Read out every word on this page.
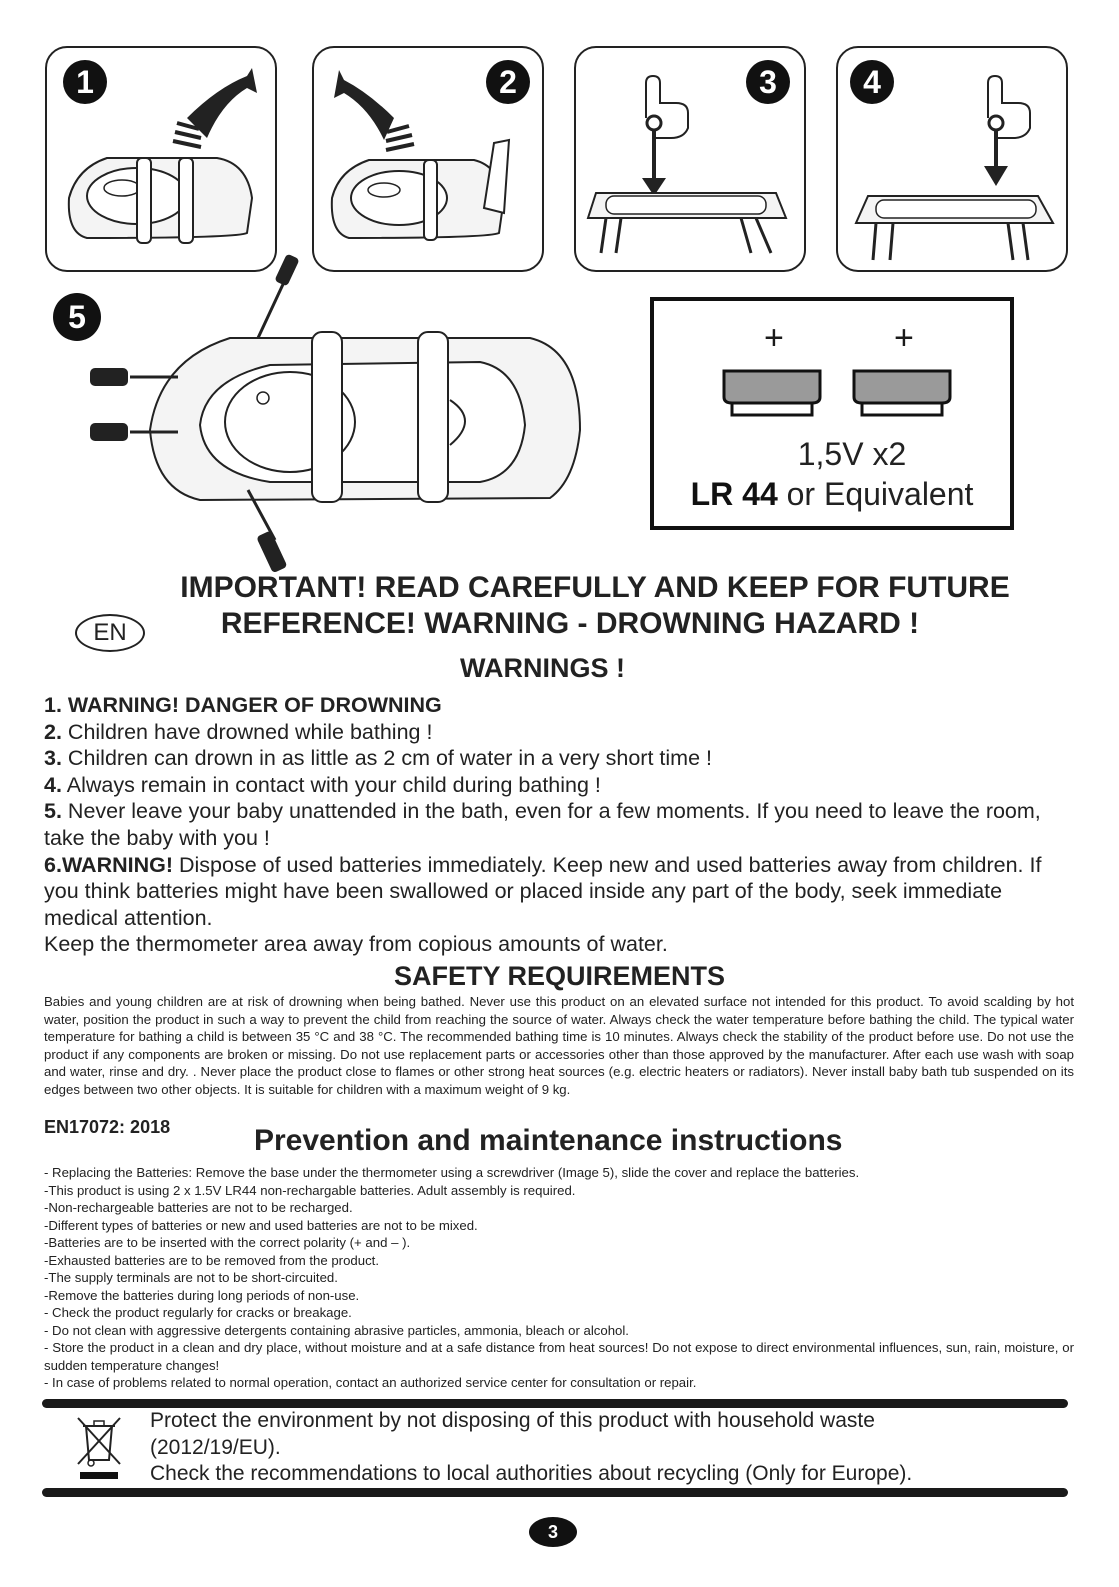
1	2	3	4
5
+	+
1,5V x2
LR 44 or Equivalent
IMPORTANT! READ CAREFULLY AND KEEP FOR FUTURE
REFERENCE! WARNING - DROWNING HAZARD !
EN
WARNINGS !

1. WARNING! DANGER OF DROWNING

2. Children have drowned while bathing !

3. Children can drown in as little as 2 cm of water in a very short time !

4. Always remain in contact with your child during bathing !

5. Never leave your baby unattended in the bath, even for a few moments. If you need to leave the room, take the baby with you !

6.WARNING! Dispose of used batteries immediately. Keep new and used batteries away from children. If you think batteries might have been swallowed or placed inside any part of the body, seek immediate medical attention.

Keep the thermometer area away from copious amounts of water.

SAFETY REQUIREMENTS
Babies and young children are at risk of drowning when being bathed. Never use this product on an elevated surface not intended for this product. To avoid scalding by hot water, position the product in such a way to prevent the child from reaching the source of water. Always check the water temperature before bathing the child. The typical water temperature for bathing a child is between 35 °C and 38 °C. The recommended bathing time is 10 minutes. Always check the stability of the product before use. Do not use the product if any components are broken or missing. Do not use replacement parts or accessories other than those approved by the manufacturer. After each use wash with soap and water, rinse and dry. . Never place the product close to flames or other strong heat sources (e.g. electric heaters or radiators). Never install baby bath tub suspended on its edges between two other objects. It is suitable for children with a maximum weight of 9 kg.
EN17072: 2018	Prevention and maintenance instructions

- Replacing the Batteries: Remove the base under the thermometer using a screwdriver (Image 5), slide the cover and replace the batteries.

-This product is using 2 x 1.5V LR44 non-rechargable batteries. Adult assembly is required.

-Non-rechargeable batteries are not to be recharged.

-Different types of batteries or new and used batteries are not to be mixed.

-Batteries are to be inserted with the correct polarity (+ and – ).

-Exhausted batteries are to be removed from the product.

-The supply terminals are not to be short-circuited.

-Remove the batteries during long periods of non-use.

- Check the product regularly for cracks or breakage.

- Do not clean with aggressive detergents containing abrasive particles, ammonia, bleach or alcohol.

- Store the product in a clean and dry place, without moisture and at a safe distance from heat sources! Do not expose to direct environmental influences, sun, rain, moisture, or sudden temperature changes!

- In case of problems related to normal operation, contact an authorized service center for consultation or repair.

Protect the environment by not disposing of this product with household waste

(2012/19/EU).

Check the recommendations to local authorities about recycling (Only for Europe).

3
